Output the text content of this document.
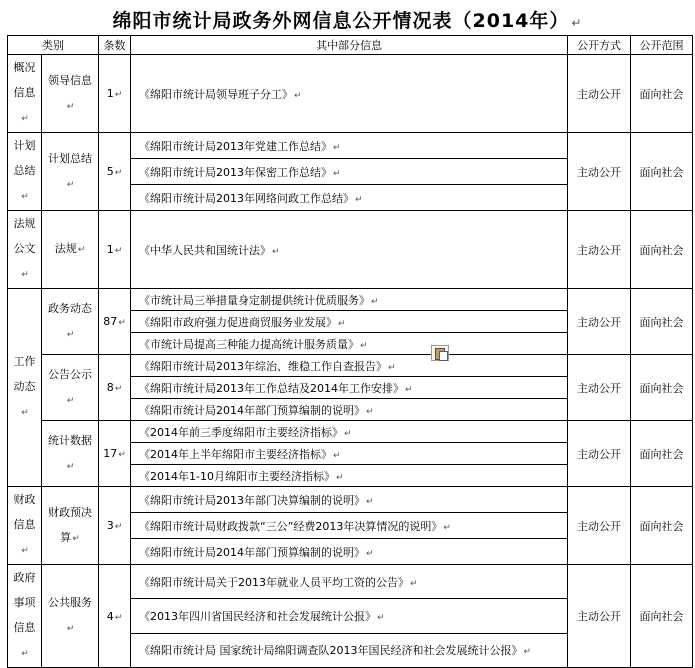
绵阳市统计局政务外网信息公开情况表（2014年） ↵
类别		条数	其中部分信息	公开方式	公开范围
概况信息↵	领导信息↵	1↵	《绵阳市统计局领导班子分工》↵	主动公开	面向社会
计划总结↵	计划总结↵	5↵	《绵阳市统计局2013年党建工作总结》↵	主动公开	面向社会
			《绵阳市统计局2013年保密工作总结》↵		
			《绵阳市统计局2013年网络问政工作总结》↵		
法规公文↵	法规↵	1↵	《中华人民共和国统计法》↵	主动公开	面向社会
工作动态↵	政务动态↵	87↵	《市统计局三举措量身定制提供统计优质服务》↵	主动公开	面向社会
			《绵阳市政府强力促进商贸服务业发展》↵		
			《市统计局提高三种能力提高统计服务质量》↵		
	公告公示↵	8↵	《绵阳市统计局2013年综治、维稳工作自查报告》↵	主动公开	面向社会
			《绵阳市统计局2013年工作总结及2014年工作安排》↵		
			《绵阳市统计局2014年部门预算编制的说明》↵		
	统计数据↵	17↵	《2014年前三季度绵阳市主要经济指标》↵	主动公开	面向社会
			《2014年上半年绵阳市主要经济指标》↵		
			《2014年1-10月绵阳市主要经济指标》↵		
财政信息↵	财政预决算↵	3↵	《绵阳市统计局2013年部门决算编制的说明》↵	主动公开	面向社会
			《绵阳市统计局财政拨款“三公”经费2013年决算情况的说明》↵		
			《绵阳市统计局2014年部门预算编制的说明》↵		
政府事项信息↵	公共服务↵	4↵	《绵阳市统计局关于2013年就业人员平均工资的公告》↵	主动公开	面向社会
			《2013年四川省国民经济和社会发展统计公报》↵		
			《绵阳市统计局 国家统计局绵阳调查队2013年国民经济和社会发展统计公报》↵		
